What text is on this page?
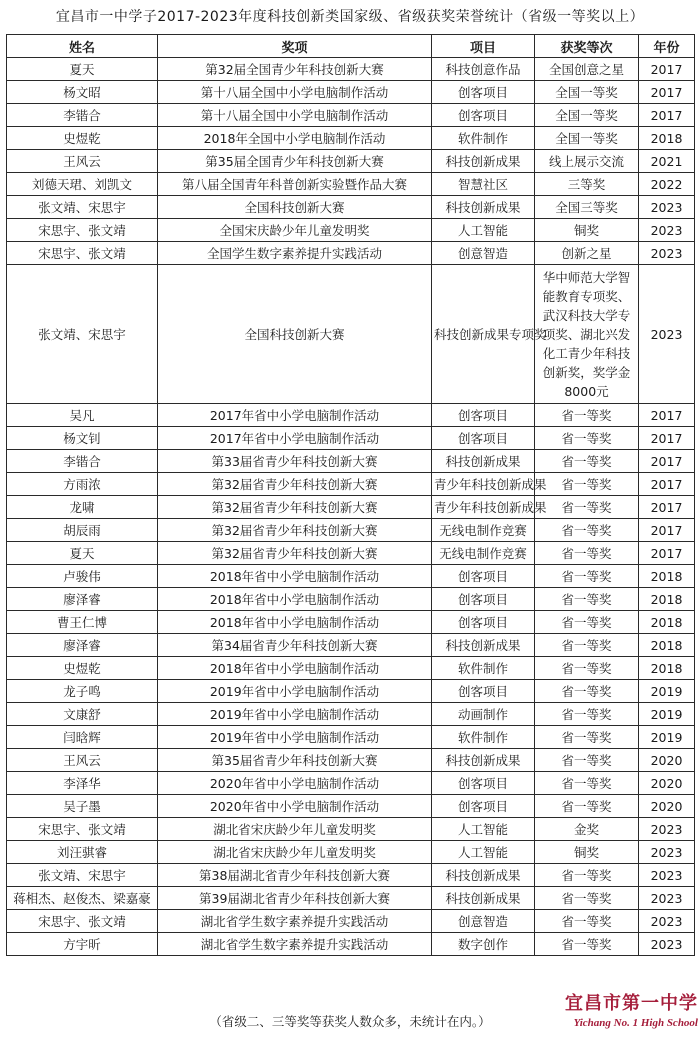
宜昌市一中学子2017-2023年度科技创新类国家级、省级获奖荣誉统计（省级一等奖以上）
姓名	奖项	项目	获奖等次	年份
夏天	第32届全国青少年科技创新大赛	科技创意作品	全国创意之星	2017
杨文昭	第十八届全国中小学电脑制作活动	创客项目	全国一等奖	2017
李锴合	第十八届全国中小学电脑制作活动	创客项目	全国一等奖	2017
史煜乾	2018年全国中小学电脑制作活动	软件制作	全国一等奖	2018
王风云	第35届全国青少年科技创新大赛	科技创新成果	线上展示交流	2021
刘德天珺、刘凯文	第八届全国青年科普创新实验暨作品大赛	智慧社区	三等奖	2022
张文靖、宋思宇	全国科技创新大赛	科技创新成果	全国三等奖	2023
宋思宇、张文靖	全国宋庆龄少年儿童发明奖	人工智能	铜奖	2023
宋思宇、张文靖	全国学生数字素养提升实践活动	创意智造	创新之星	2023
张文靖、宋思宇	全国科技创新大赛	科技创新成果专项奖	华中师范大学智能教育专项奖、武汉科技大学专项奖、湖北兴发化工青少年科技创新奖，奖学金8000元	2023
吴凡	2017年省中小学电脑制作活动	创客项目	省一等奖	2017
杨文钊	2017年省中小学电脑制作活动	创客项目	省一等奖	2017
李锴合	第33届省青少年科技创新大赛	科技创新成果	省一等奖	2017
方雨浓	第32届省青少年科技创新大赛	青少年科技创新成果	省一等奖	2017
龙啸	第32届省青少年科技创新大赛	青少年科技创新成果	省一等奖	2017
胡辰雨	第32届省青少年科技创新大赛	无线电制作竞赛	省一等奖	2017
夏天	第32届省青少年科技创新大赛	无线电制作竞赛	省一等奖	2017
卢骏伟	2018年省中小学电脑制作活动	创客项目	省一等奖	2018
廖泽睿	2018年省中小学电脑制作活动	创客项目	省一等奖	2018
曹王仁博	2018年省中小学电脑制作活动	创客项目	省一等奖	2018
廖泽睿	第34届省青少年科技创新大赛	科技创新成果	省一等奖	2018
史煜乾	2018年省中小学电脑制作活动	软件制作	省一等奖	2018
龙子鸣	2019年省中小学电脑制作活动	创客项目	省一等奖	2019
文康舒	2019年省中小学电脑制作活动	动画制作	省一等奖	2019
闫晗辉	2019年省中小学电脑制作活动	软件制作	省一等奖	2019
王风云	第35届省青少年科技创新大赛	科技创新成果	省一等奖	2020
李泽华	2020年省中小学电脑制作活动	创客项目	省一等奖	2020
吴子墨	2020年省中小学电脑制作活动	创客项目	省一等奖	2020
宋思宇、张文靖	湖北省宋庆龄少年儿童发明奖	人工智能	金奖	2023
刘汪骐睿	湖北省宋庆龄少年儿童发明奖	人工智能	铜奖	2023
张文靖、宋思宇	第38届湖北省青少年科技创新大赛	科技创新成果	省一等奖	2023
蒋相杰、赵俊杰、梁嘉豪	第39届湖北省青少年科技创新大赛	科技创新成果	省一等奖	2023
宋思宇、张文靖	湖北省学生数字素养提升实践活动	创意智造	省一等奖	2023
方宇昕	湖北省学生数字素养提升实践活动	数字创作	省一等奖	2023
（省级二、三等奖等获奖人数众多，未统计在内。）
宜昌市第一中学
Yichang No. 1 High School
